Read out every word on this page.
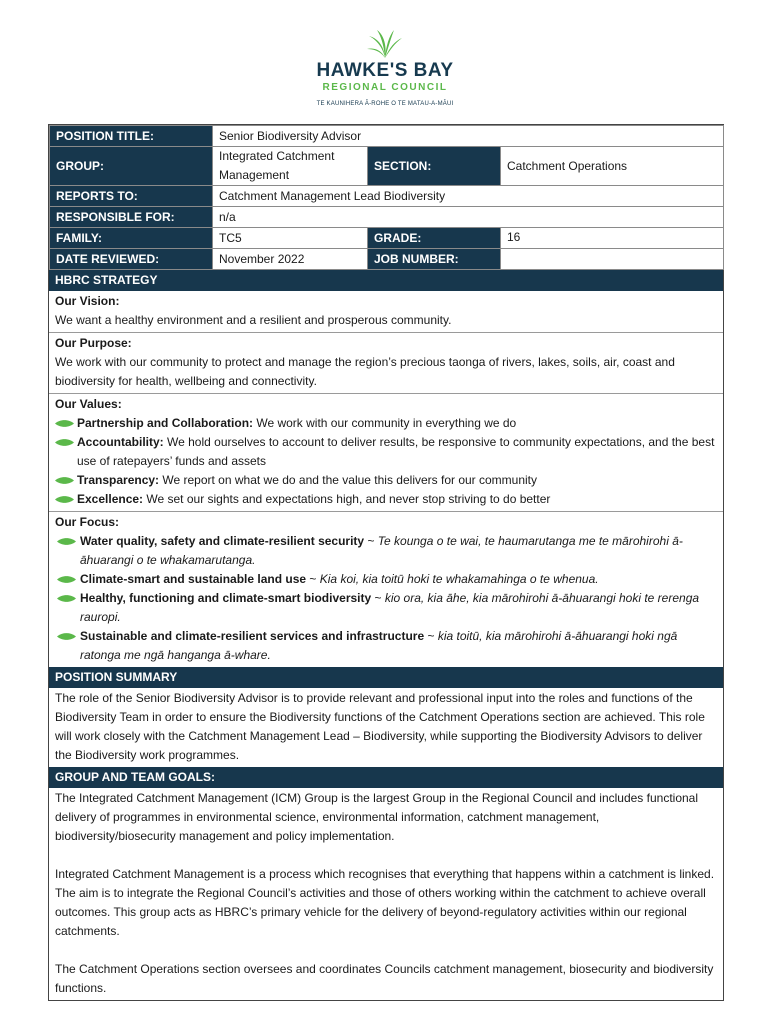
HAWKE'S BAY
REGIONAL COUNCIL
TE KAUNIHERA Ā-ROHE O TE MATAU-A-MĀUI
POSITION TITLE:	Senior Biodiversity Advisor		
GROUP:	Integrated Catchment Management	SECTION:	Catchment Operations
REPORTS TO:	Catchment Management Lead Biodiversity		
RESPONSIBLE FOR:	n/a		
FAMILY:	TC5	GRADE:	16
DATE REVIEWED:	November 2022	JOB NUMBER:	
HBRC STRATEGY
Our Vision:
We want a healthy environment and a resilient and prosperous community.
Our Purpose:
We work with our community to protect and manage the region’s precious taonga of rivers, lakes, soils, air, coast and biodiversity for health, wellbeing and connectivity.
Our Values:
Partnership and Collaboration: We work with our community in everything we do
Accountability: We hold ourselves to account to deliver results, be responsive to community expectations, and the best use of ratepayers’ funds and assets
Transparency: We report on what we do and the value this delivers for our community
Excellence: We set our sights and expectations high, and never stop striving to do better
Our Focus:
Water quality, safety and climate-resilient security ~ Te kounga o te wai, te haumarutanga me te mārohirohi ā-āhuarangi o te whakamarutanga.
Climate-smart and sustainable land use ~ Kia koi, kia toitū hoki te whakamahinga o te whenua.
Healthy, functioning and climate-smart biodiversity ~ kio ora, kia āhe, kia mārohirohi ā-āhuarangi hoki te rerenga rauropi.
Sustainable and climate-resilient services and infrastructure ~ kia toitū, kia mārohirohi ā-āhuarangi hoki ngā ratonga me ngā hanganga ā-whare.
POSITION SUMMARY
The role of the Senior Biodiversity Advisor is to provide relevant and professional input into the roles and functions of the Biodiversity Team in order to ensure the Biodiversity functions of the Catchment Operations section are achieved. This role will work closely with the Catchment Management Lead – Biodiversity, while supporting the Biodiversity Advisors to deliver the Biodiversity work programmes.
GROUP AND TEAM GOALS:

The Integrated Catchment Management (ICM) Group is the largest Group in the Regional Council and includes functional delivery of programmes in environmental science, environmental information, catchment management, biodiversity/biosecurity management and policy implementation.

Integrated Catchment Management is a process which recognises that everything that happens within a catchment is linked. The aim is to integrate the Regional Council’s activities and those of others working within the catchment to achieve overall outcomes. This group acts as HBRC’s primary vehicle for the delivery of beyond-regulatory activities within our regional catchments.

The Catchment Operations section oversees and coordinates Councils catchment management, biosecurity and biodiversity functions.
